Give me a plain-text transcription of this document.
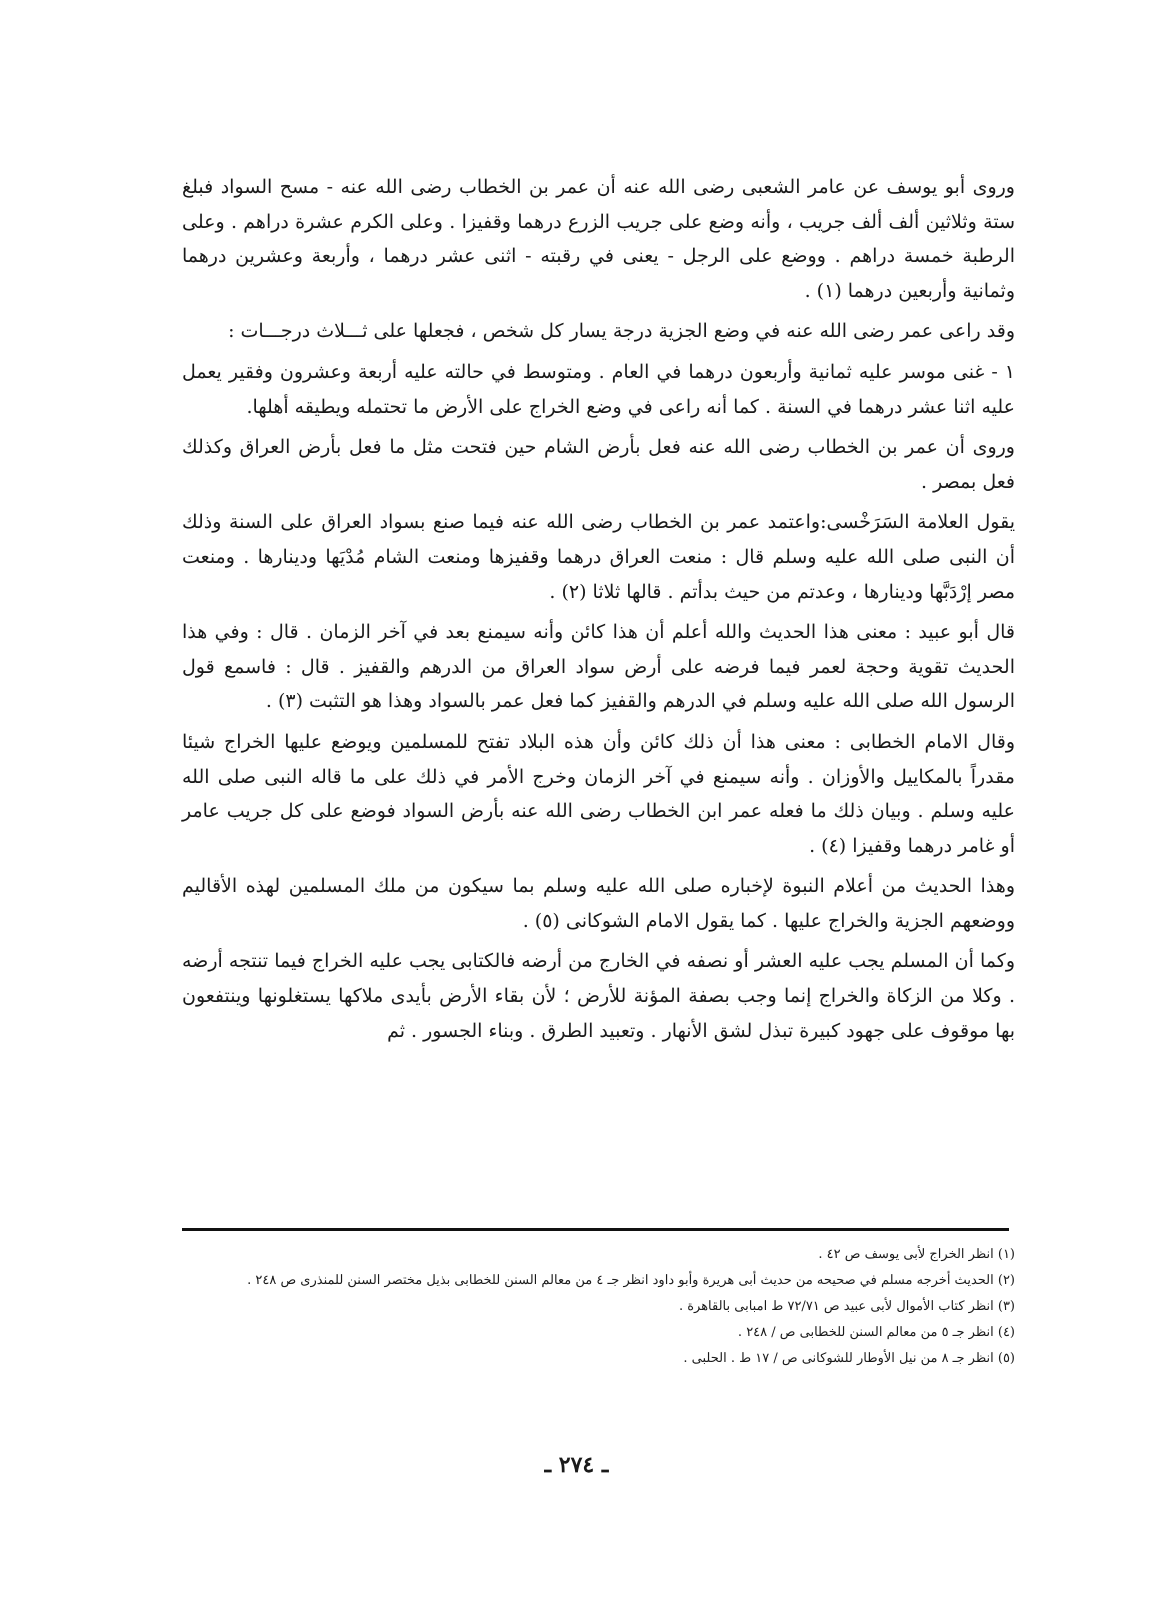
وروى أبو يوسف عن عامر الشعبى رضى الله عنه أن عمر بن الخطاب رضى الله عنه - مسح السواد فبلغ ستة وثلاثين ألف ألف جريب ، وأنه وضع على جريب الزرع درهما وقفيزا . وعلى الكرم عشرة دراهم . وعلى الرطبة خمسة دراهم . ووضع على الرجل - يعنى في رقبته - اثنى عشر درهما ، وأربعة وعشرين درهما وثمانية وأربعين درهما (١) .

وقد راعى عمر رضى الله عنه في وضع الجزية درجة يسار كل شخص ، فجعلها على ثـــلاث درجـــات :

١ - غنى موسر عليه ثمانية وأربعون درهما في العام . ومتوسط في حالته عليه أربعة وعشرون وفقير يعمل عليه اثنا عشر درهما في السنة . كما أنه راعى في وضع الخراج على الأرض ما تحتمله ويطيقه أهلها.

وروى أن عمر بن الخطاب رضى الله عنه فعل بأرض الشام حين فتحت مثل ما فعل بأرض العراق وكذلك فعل بمصر .

يقول العلامة السَرَخْسى:واعتمد عمر بن الخطاب رضى الله عنه فيما صنع بسواد العراق على السنة وذلك أن النبى صلى الله عليه وسلم قال : منعت العراق درهما وقفيزها ومنعت الشام مُدْيَها ودينارها . ومنعت مصر إرْدَبَّها ودينارها ، وعدتم من حيث بدأتم . قالها ثلاثا (٢) .

قال أبو عبيد : معنى هذا الحديث والله أعلم أن هذا كائن وأنه سيمنع بعد في آخر الزمان . قال : وفي هذا الحديث تقوية وحجة لعمر فيما فرضه على أرض سواد العراق من الدرهم والقفيز . قال : فاسمع قول الرسول الله صلى الله عليه وسلم في الدرهم والقفيز كما فعل عمر بالسواد وهذا هو التثبت (٣) .

وقال الامام الخطابى : معنى هذا أن ذلك كائن وأن هذه البلاد تفتح للمسلمين ويوضع عليها الخراج شيئا مقدراً بالمكاييل والأوزان . وأنه سيمنع في آخر الزمان وخرج الأمر في ذلك على ما قاله النبى صلى الله عليه وسلم . وبيان ذلك ما فعله عمر ابن الخطاب رضى الله عنه بأرض السواد فوضع على كل جريب عامر أو غامر درهما وقفيزا (٤) .

وهذا الحديث من أعلام النبوة لإخباره صلى الله عليه وسلم بما سيكون من ملك المسلمين لهذه الأقاليم ووضعهم الجزية والخراج عليها . كما يقول الامام الشوكانى (٥) .

وكما أن المسلم يجب عليه العشر أو نصفه في الخارج من أرضه فالكتابى يجب عليه الخراج فيما تنتجه أرضه . وكلا من الزكاة والخراج إنما وجب بصفة المؤنة للأرض ؛ لأن بقاء الأرض بأيدى ملاكها يستغلونها وينتفعون بها موقوف على جهود كبيرة تبذل لشق الأنهار . وتعبيد الطرق . وبناء الجسور . ثم

(١) انظر الخراج لأبى يوسف ص ٤٢ .

(٢) الحديث أخرجه مسلم في صحيحه من حديث أبى هريرة وأبو داود انظر جـ ٤ من معالم السنن للخطابى بذيل مختصر السنن للمنذرى ص ٢٤٨ .

(٣) انظر كتاب الأموال لأبى عبيد ص ٧٢/٧١ ط امبابى بالقاهرة .

(٤) انظر جـ ٥ من معالم السنن للخطابى ص / ٢٤٨ .

(٥) انظر جـ ٨ من نيل الأوطار للشوكانى ص / ١٧ ط . الحلبى .

ـ ٢٧٤ ـ
